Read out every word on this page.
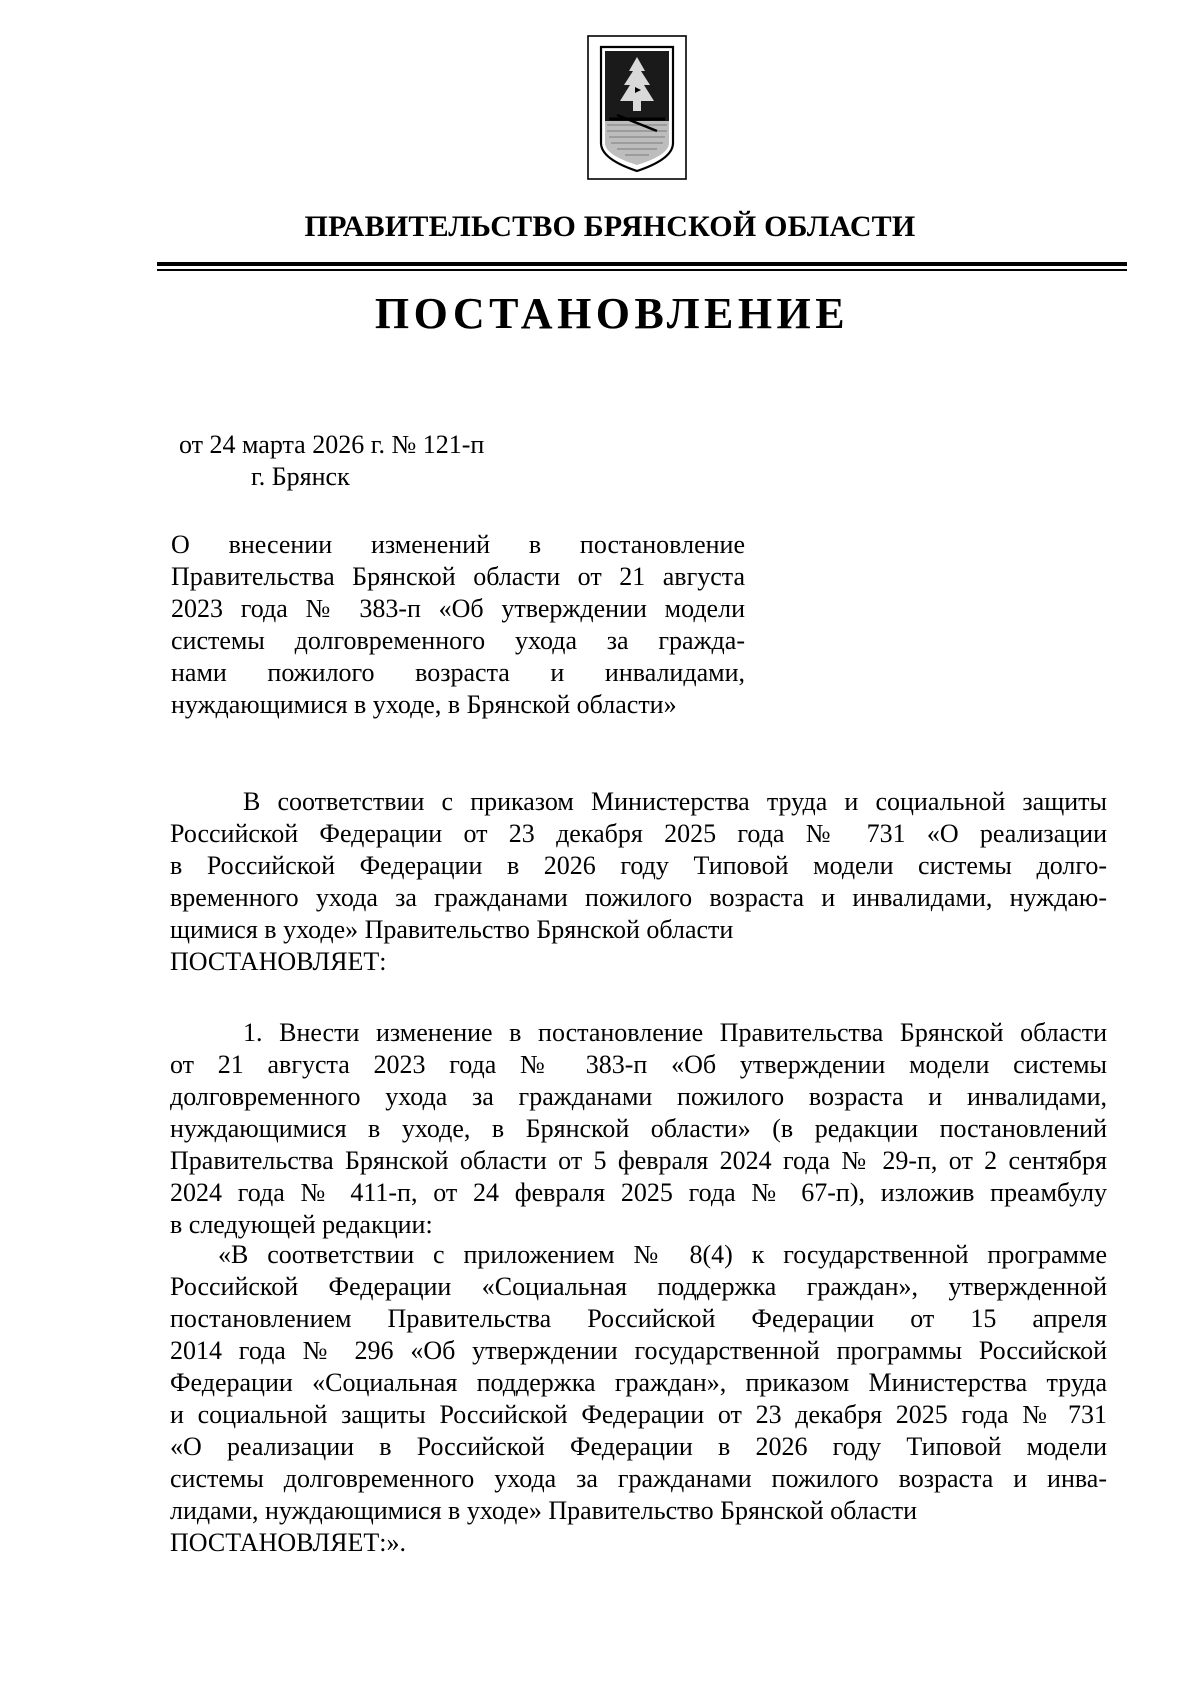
ПРАВИТЕЛЬСТВО БРЯНСКОЙ ОБЛАСТИ
ПОСТАНОВЛЕНИЕ
от 24 марта 2026 г. № 121-п
г. Брянск
О внесении изменений в постановление
Правительства Брянской области от 21 августа
2023 года № 383-п «Об утверждении модели
системы долговременного ухода за гражда-
нами пожилого возраста и инвалидами,
нуждающимися в уходе, в Брянской области»
В соответствии с приказом Министерства труда и социальной защиты
Российской Федерации от 23 декабря 2025 года № 731 «О реализации
в Российской Федерации в 2026 году Типовой модели системы долго-
временного ухода за гражданами пожилого возраста и инвалидами, нуждаю-
щимися в уходе» Правительство Брянской области
ПОСТАНОВЛЯЕТ:
1. Внести изменение в постановление Правительства Брянской области
от 21 августа 2023 года № 383-п «Об утверждении модели системы
долговременного ухода за гражданами пожилого возраста и инвалидами,
нуждающимися в уходе, в Брянской области» (в редакции постановлений
Правительства Брянской области от 5 февраля 2024 года № 29-п, от 2 сентября
2024 года № 411-п, от 24 февраля 2025 года № 67-п), изложив преамбулу
в следующей редакции:
«В соответствии с приложением № 8(4) к государственной программе
Российской Федерации «Социальная поддержка граждан», утвержденной
постановлением Правительства Российской Федерации от 15 апреля
2014 года № 296 «Об утверждении государственной программы Российской
Федерации «Социальная поддержка граждан», приказом Министерства труда
и социальной защиты Российской Федерации от 23 декабря 2025 года № 731
«О реализации в Российской Федерации в 2026 году Типовой модели
системы долговременного ухода за гражданами пожилого возраста и инва-
лидами, нуждающимися в уходе» Правительство Брянской области
ПОСТАНОВЛЯЕТ:».
